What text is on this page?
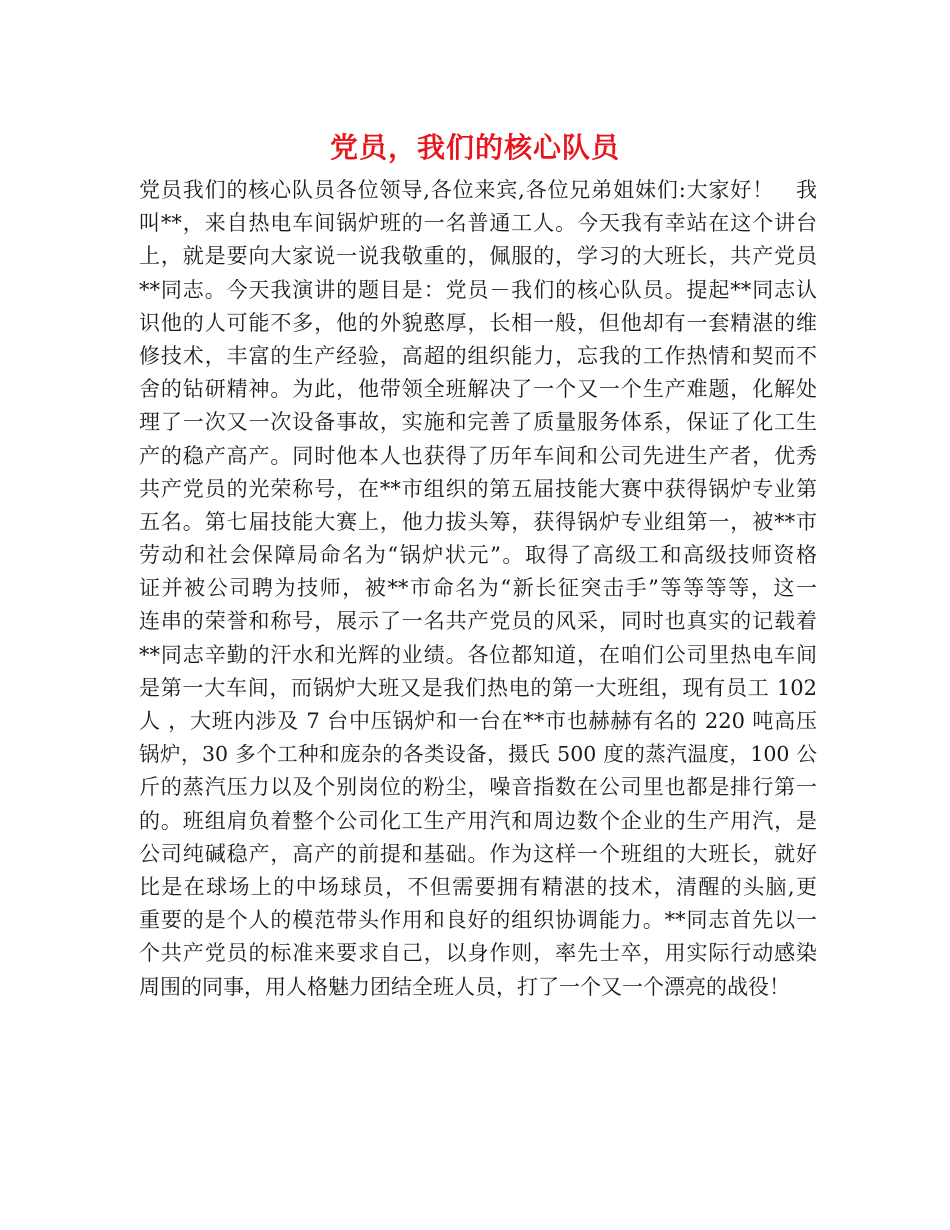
党员，我们的核心队员
党员我们的核心队员各位领导,各位来宾,各位兄弟姐妹们:大家好！　我
叫**，来自热电车间锅炉班的一名普通工人。今天我有幸站在这个讲台
上，就是要向大家说一说我敬重的，佩服的，学习的大班长，共产党员
**同志。今天我演讲的题目是：党员－我们的核心队员。提起**同志认
识他的人可能不多，他的外貌憨厚，长相一般，但他却有一套精湛的维
修技术，丰富的生产经验，高超的组织能力，忘我的工作热情和契而不
舍的钻研精神。为此，他带领全班解决了一个又一个生产难题，化解处
理了一次又一次设备事故，实施和完善了质量服务体系，保证了化工生
产的稳产高产。同时他本人也获得了历年车间和公司先进生产者，优秀
共产党员的光荣称号，在**市组织的第五届技能大赛中获得锅炉专业第
五名。第七届技能大赛上，他力拔头筹，获得锅炉专业组第一，被**市
劳动和社会保障局命名为“锅炉状元”。取得了高级工和高级技师资格
证并被公司聘为技师，被**市命名为“新长征突击手”等等等等，这一
连串的荣誉和称号，展示了一名共产党员的风采，同时也真实的记载着
**同志辛勤的汗水和光辉的业绩。各位都知道，在咱们公司里热电车间
是第一大车间，而锅炉大班又是我们热电的第一大班组，现有员工 102
人 ，大班内涉及 7 台中压锅炉和一台在**市也赫赫有名的 220 吨高压
锅炉，30 多个工种和庞杂的各类设备，摄氏 500 度的蒸汽温度，100 公
斤的蒸汽压力以及个别岗位的粉尘，噪音指数在公司里也都是排行第一
的。班组肩负着整个公司化工生产用汽和周边数个企业的生产用汽，是
公司纯碱稳产，高产的前提和基础。作为这样一个班组的大班长，就好
比是在球场上的中场球员，不但需要拥有精湛的技术，清醒的头脑,更
重要的是个人的模范带头作用和良好的组织协调能力。**同志首先以一
个共产党员的标准来要求自己，以身作则，率先士卒，用实际行动感染
周围的同事，用人格魅力团结全班人员，打了一个又一个漂亮的战役！
